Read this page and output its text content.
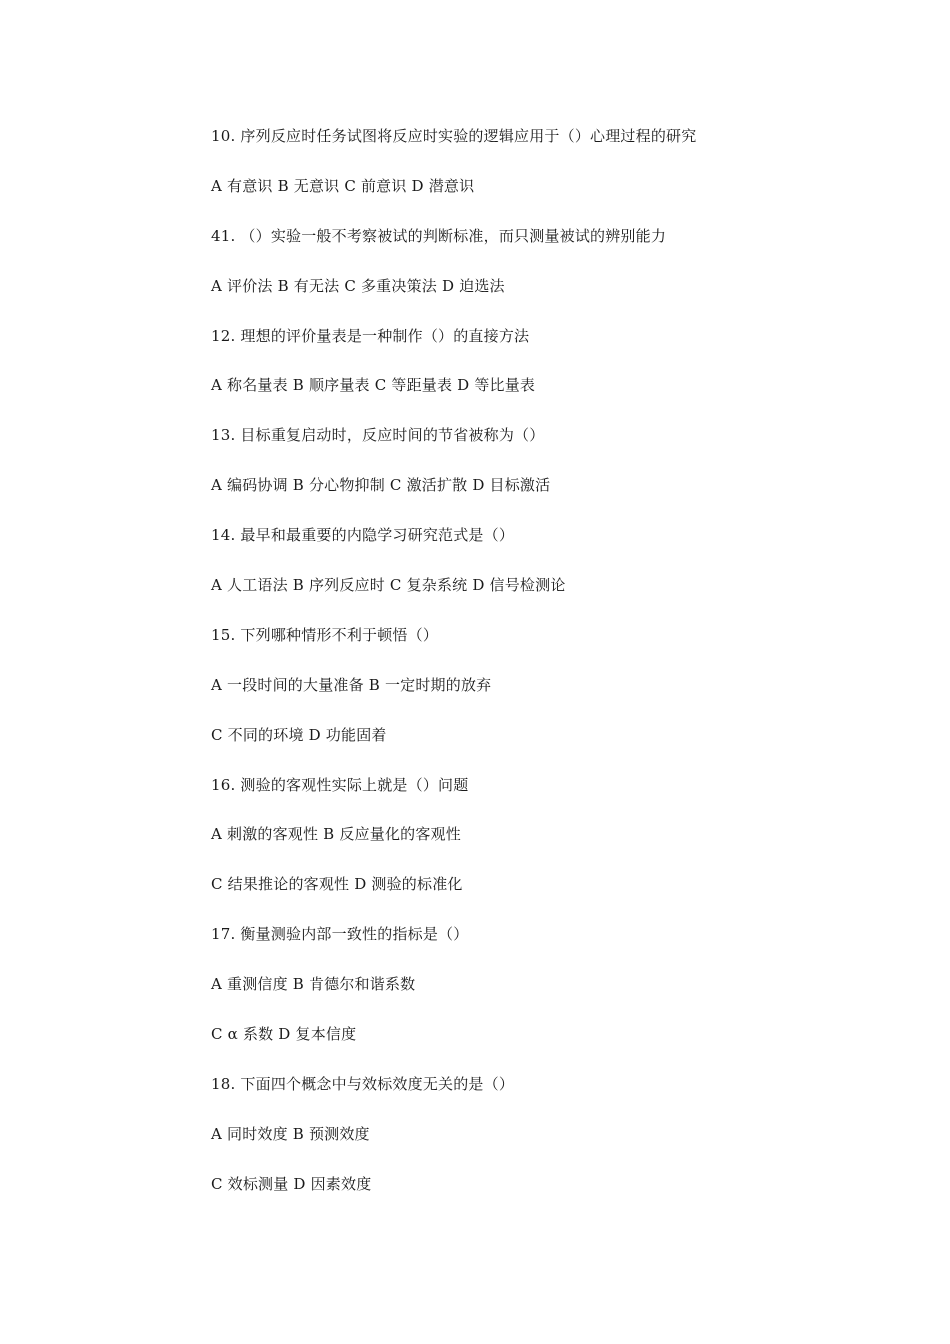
10. 序列反应时任务试图将反应时实验的逻辑应用于（）心理过程的研究
A 有意识 B 无意识 C 前意识 D 潜意识
41. （）实验一般不考察被试的判断标准，而只测量被试的辨别能力
A 评价法 B 有无法 C 多重决策法 D 迫选法
12. 理想的评价量表是一种制作（）的直接方法
A 称名量表 B 顺序量表 C 等距量表 D 等比量表
13. 目标重复启动时，反应时间的节省被称为（）
A 编码协调 B 分心物抑制 C 激活扩散 D 目标激活
14. 最早和最重要的内隐学习研究范式是（）
A 人工语法 B 序列反应时 C 复杂系统 D 信号检测论
15. 下列哪种情形不利于顿悟（）
A 一段时间的大量准备 B 一定时期的放弃
C 不同的环境 D 功能固着
16. 测验的客观性实际上就是（）问题
A 刺激的客观性 B 反应量化的客观性
C 结果推论的客观性 D 测验的标准化
17. 衡量测验内部一致性的指标是（）
A 重测信度 B 肯德尔和谐系数
C α 系数 D 复本信度
18. 下面四个概念中与效标效度无关的是（）
A 同时效度 B 预测效度
C 效标测量 D 因素效度
